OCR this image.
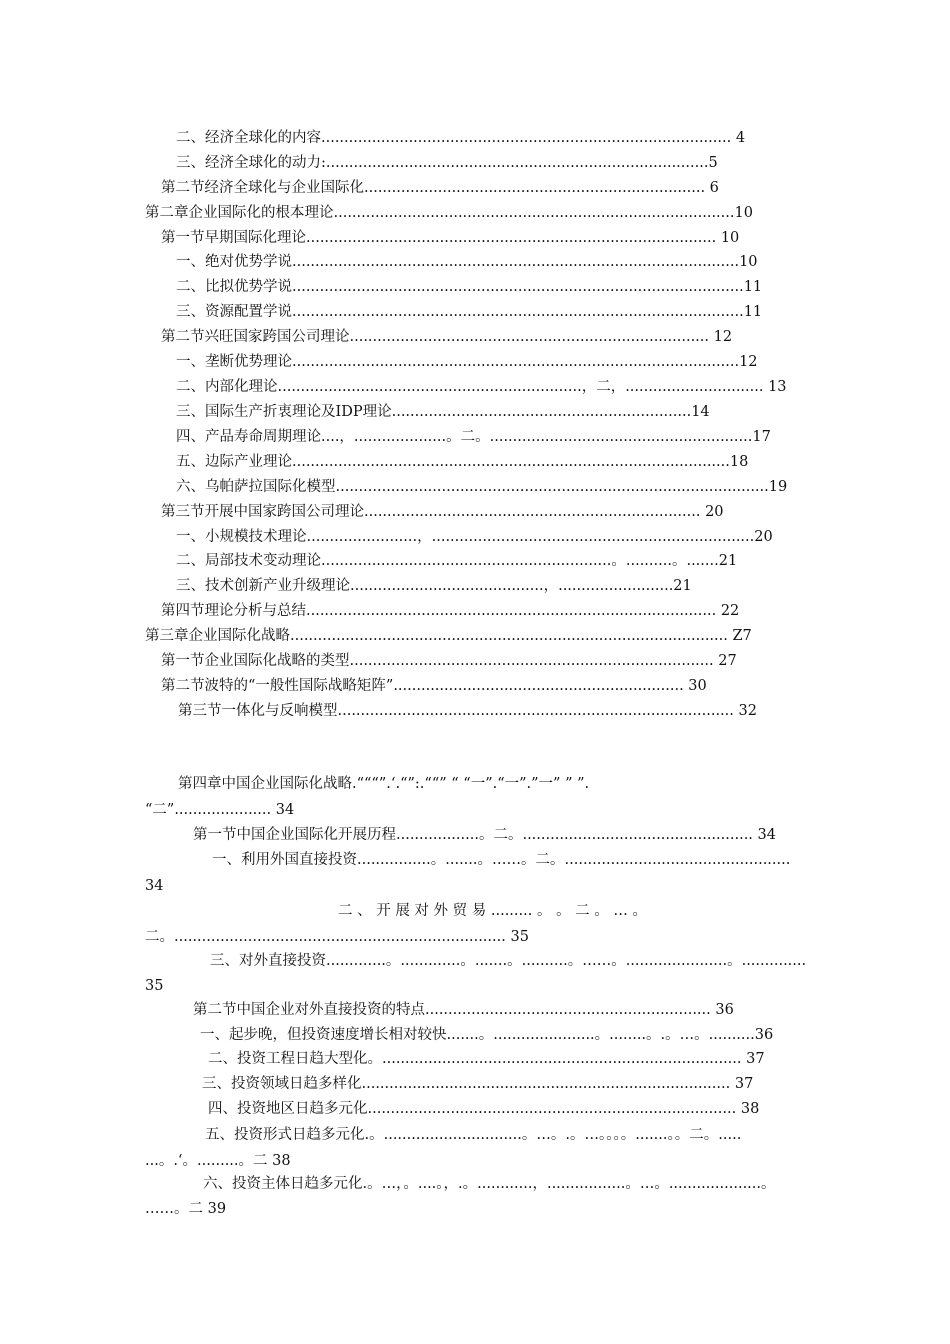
二、经济全球化的内容......................................................................................... 4
三、经济全球化的动力:...................................................................................5
第二节经济全球化与企业国际化.......................................................................... 6
第二章企业国际化的根本理论.......................................................................................10
第一节早期国际化理论......................................................................................... 10
一、绝对优势学说.................................................................................................10
二、比拟优势学说..................................................................................................11
三、资源配置学说..................................................................................................11
第二节兴旺国家跨国公司理论.............................................................................. 12
一、垄断优势理论.................................................................................................12
二、内部化理论..................................................................，二，.............................. 13
三、国际生产折衷理论及IDP理论.................................................................14
四、产品寿命周期理论....，....................。二。.........................................................17
五、边际产业理论...............................................................................................18
六、乌帕萨拉国际化模型..............................................................................................19
第三节开展中国家跨国公司理论......................................................................... 20
一、小规模技术理论........................，......................................................................20
二、局部技术变动理论...............................................................。..........。.......21
三、技术创新产业升级理论..........................................，.........................21
第四节理论分析与总结......................................................................................... 22
第三章企业国际化战略............................................................................................... Z7
第一节企业国际化战略的类型............................................................................... 27
第二节波特的“一般性国际战略矩阵”............................................................... 30
第三节一体化与反响模型...................................................................................... 32
第四章中国企业国际化战略.“““”.‘.“”:.““” “ “一”.“一”.”一” ” ”.
“二”..................... 34
第一节中国企业国际化开展历程..................。二。.................................................. 34
一、利用外国直接投资................。.......。……。二。.................................................
34
二 、 开 展 对 外 贸 易 ......... 。 。 二 。 … 。
二。........................................................................ 35
三、对外直接投资.............。.............。.......。..........。……。......................。..............
35
第二节中国企业对外直接投资的特点.............................................................. 36
一、起步晚，但投资速度增长相对较快.......。......................。........。.。…。..........36
二、投资工程日趋大型化。.............................................................................. 37
三、投资领域日趋多样化................................................................................ 37
四、投资地区日趋多元化................................................................................ 38
五、投资形式日趋多元化.。..............................。…。.。…。。。。.......。。二。.....
...。.‘。.........。二 38
六、投资主体日趋多元化.。…，。....。，.。............，.................。…。....................。
……。二 39
